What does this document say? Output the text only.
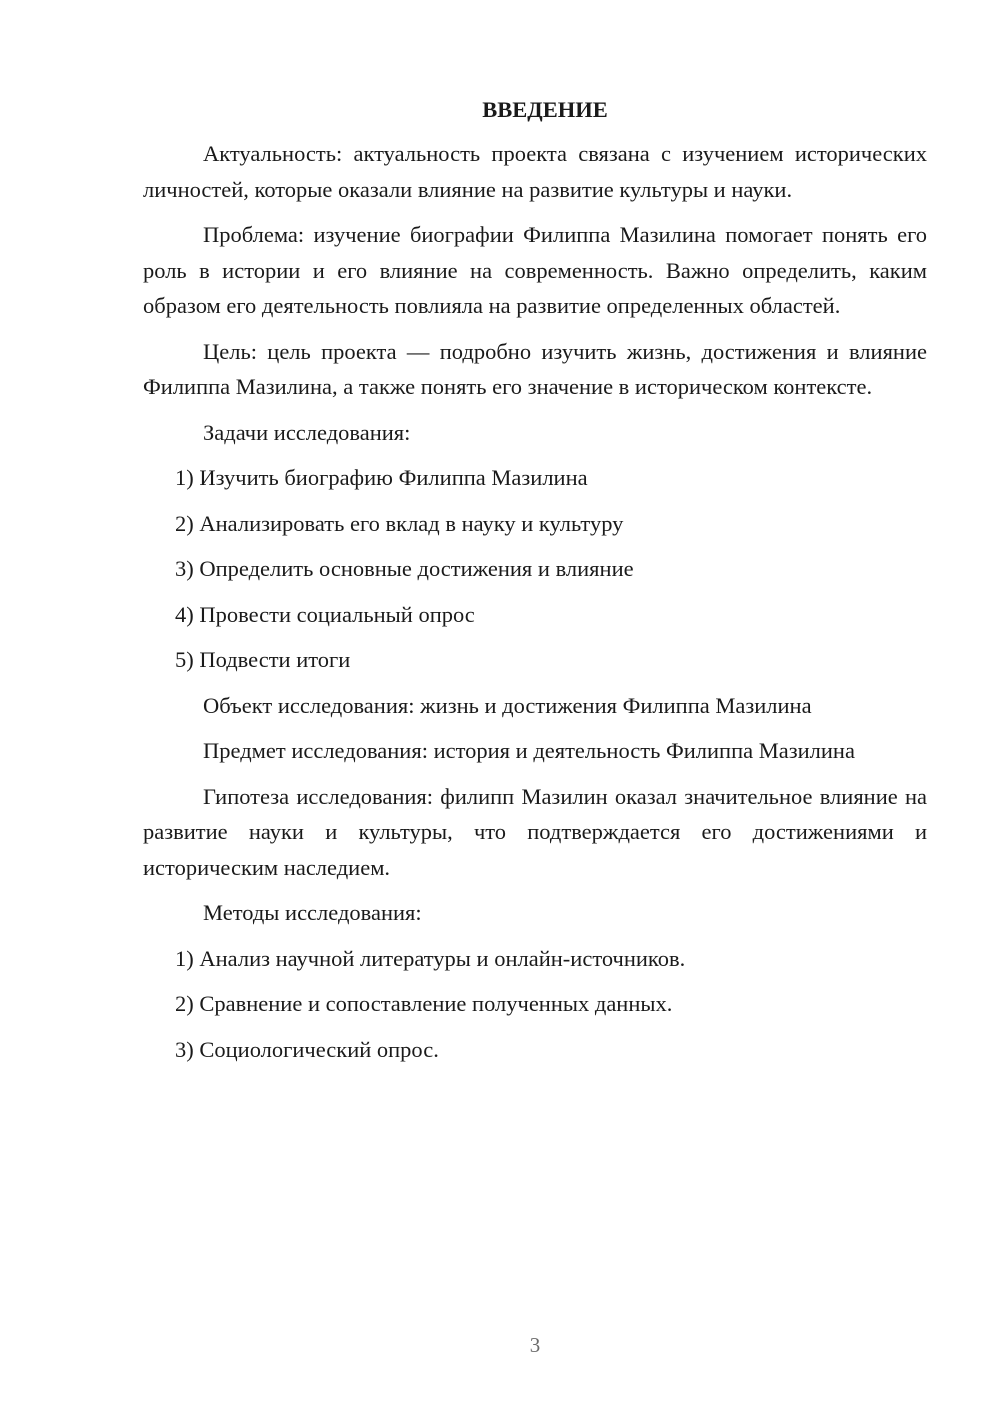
ВВЕДЕНИЕ

Актуальность: актуальность проекта связана с изучением исторических личностей, которые оказали влияние на развитие культуры и науки.

Проблема: изучение биографии Филиппа Мазилина помогает понять его роль в истории и его влияние на современность. Важно определить, каким образом его деятельность повлияла на развитие определенных областей.

Цель: цель проекта — подробно изучить жизнь, достижения и влияние Филиппа Мазилина, а также понять его значение в историческом контексте.

Задачи исследования:
1) Изучить биографию Филиппа Мазилина
2) Анализировать его вклад в науку и культуру
3) Определить основные достижения и влияние
4) Провести социальный опрос
5) Подвести итоги
Объект исследования: жизнь и достижения Филиппа Мазилина
Предмет исследования: история и деятельность Филиппа Мазилина

Гипотеза исследования: филипп Мазилин оказал значительное влияние на развитие науки и культуры, что подтверждается его достижениями и историческим наследием.

Методы исследования:
1) Анализ научной литературы и онлайн-источников.
2) Сравнение и сопоставление полученных данных.
3) Социологический опрос.
3
